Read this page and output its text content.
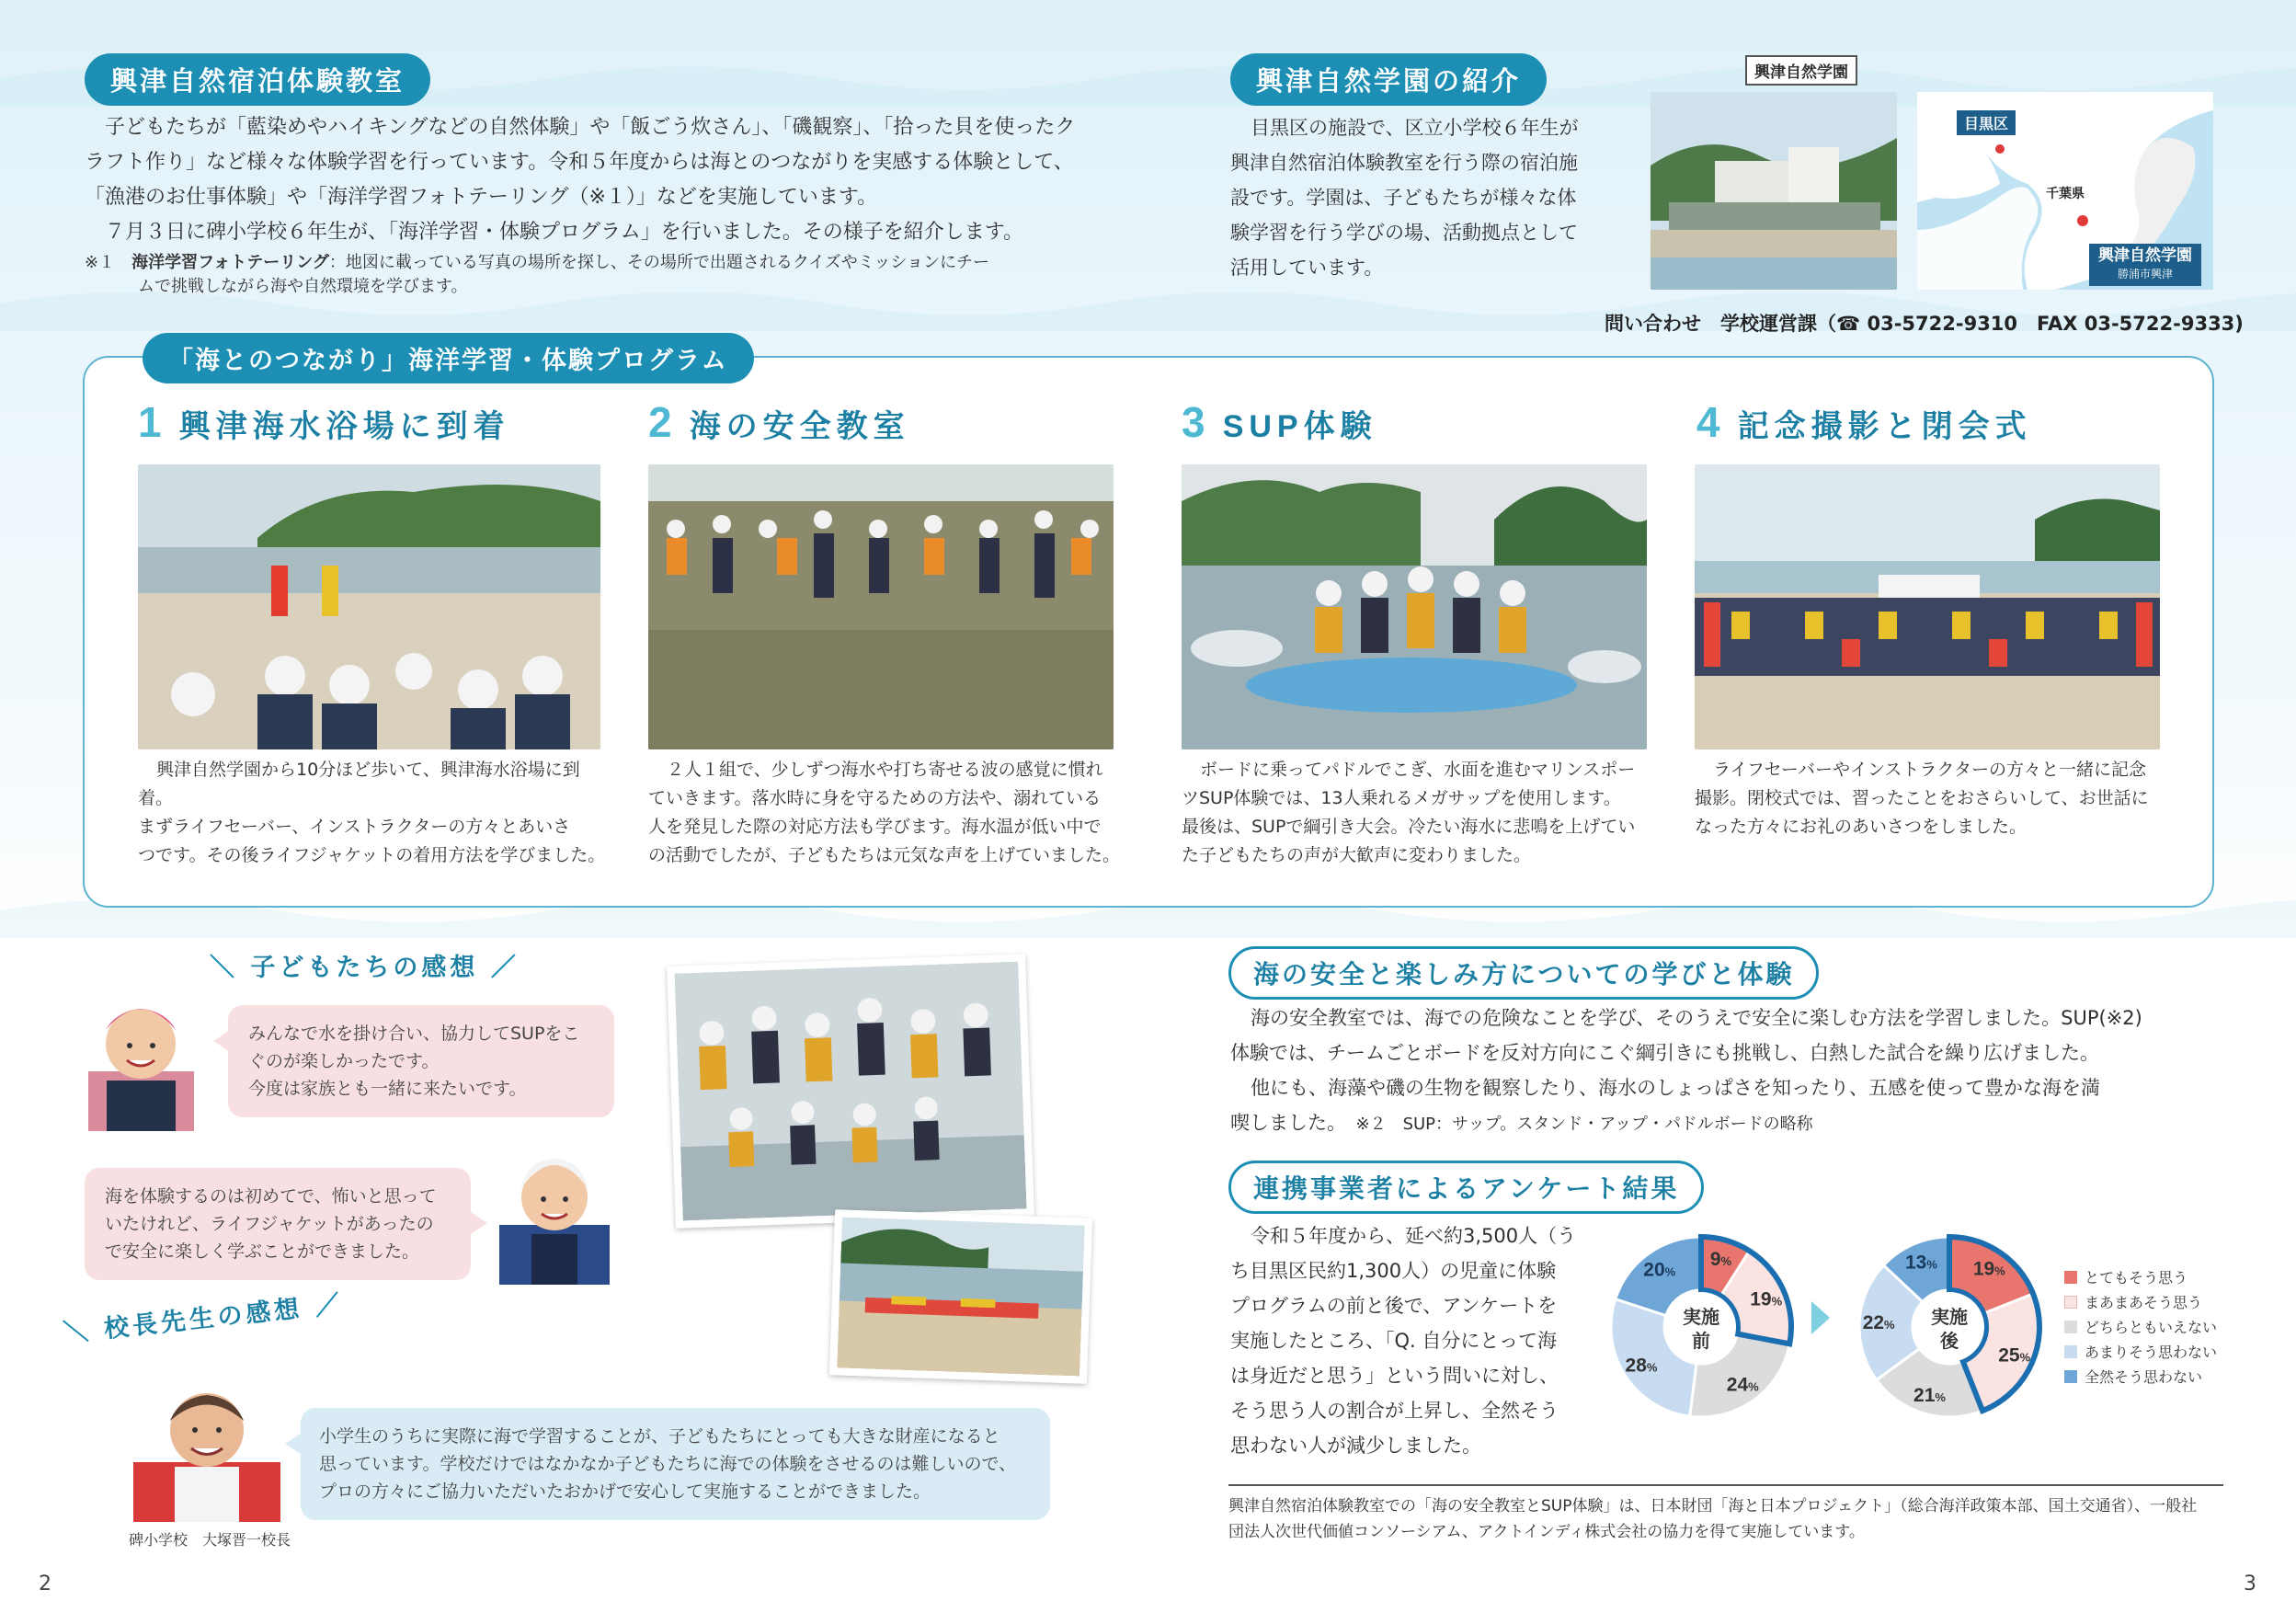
興津自然宿泊体験教室
子どもたちが「藍染めやハイキングなどの自然体験」や「飯ごう炊さん」、「磯観察」、「拾った貝を使ったク
ラフト作り」など様々な体験学習を行っています。令和５年度からは海とのつながりを実感する体験として、
「漁港のお仕事体験」や「海洋学習フォトテーリング（※１）」などを実施しています。
７月３日に碑小学校６年生が、「海洋学習・体験プログラム」を行いました。その様子を紹介します。
※１　 海洋学習フォトテーリング：地図に載っている写真の場所を探し、その場所で出題されるクイズやミッションにチー
ムで挑戦しながら海や自然環境を学びます。
興津自然学園の紹介
目黒区の施設で、区立小学校６年生が
興津自然宿泊体験教室を行う際の宿泊施
設です。学園は、子どもたちが様々な体
験学習を行う学びの場、活動拠点として
活用しています。
興津自然学園
目黒区
千葉県
興津自然学園
勝浦市興津
問い合わせ　学校運営課（☎ 03-5722-9310　 FAX 03-5722-9333)
「海とのつながり」海洋学習・体験プログラム
1 興津海水浴場に到着	2 海の安全教室	3 SUP体験	4 記念撮影と閉会式
興津自然学園から10分ほど歩いて、興津海水浴場に到着。
まずライフセーバー、インストラクターの方々とあいさ
つです。その後ライフジャケットの着用方法を学びました。
２人１組で、少しずつ海水や打ち寄せる波の感覚に慣れ
ていきます。落水時に身を守るための方法や、溺れている
人を発見した際の対応方法も学びます。海水温が低い中で
の活動でしたが、子どもたちは元気な声を上げていました。
ボードに乗ってパドルでこぎ、水面を進むマリンスポー
ツSUP体験では、13人乗れるメガサップを使用します。
最後は、SUPで綱引き大会。冷たい海水に悲鳴を上げてい
た子どもたちの声が大歓声に変わりました。
ライフセーバーやインストラクターの方々と一緒に記念
撮影。閉校式では、習ったことをおさらいして、お世話に
なった方々にお礼のあいさつをしました。
＼ 子どもたちの感想 ／
みんなで水を掛け合い、協力してSUPをこ
ぐのが楽しかったです。
今度は家族とも一緒に来たいです。
海を体験するのは初めてで、怖いと思って
いたけれど、ライフジャケットがあったの
で安全に楽しく学ぶことができました。
＼ 校長先生の感想 ／
小学生のうちに実際に海で学習することが、子どもたちにとっても大きな財産になると
思っています。学校だけではなかなか子どもたちに海での体験をさせるのは難しいので、
プロの方々にご協力いただいたおかげで安心して実施することができました。
碑小学校　大塚晋一校長
海の安全と楽しみ方についての学びと体験
海の安全教室では、海での危険なことを学び、そのうえで安全に楽しむ方法を学習しました。SUP(※2)
体験では、チームごとボードを反対方向にこぐ綱引きにも挑戦し、白熱した試合を繰り広げました。
他にも、海藻や磯の生物を観察したり、海水のしょっぱさを知ったり、五感を使って豊かな海を満
喫しました。　 ※２　SUP：サップ。スタンド・アップ・パドルボードの略称
連携事業者によるアンケート結果
令和５年度から、延べ約3,500人（う
ち目黒区民約1,300人）の児童に体験
プログラムの前と後で、アンケートを
実施したところ、「Q. 自分にとって海
は身近だと思う」という問いに対し、
そう思う人の割合が上昇し、全然そう
思わない人が減少しました。
9%
19%
24%
28%
20%
実施
前
19%
25%
21%
22%
13%
実施
後
とてもそう思う
まあまあそう思う
どちらともいえない
あまりそう思わない
全然そう思わない
興津自然宿泊体験教室での「海の安全教室とSUP体験」は、日本財団「海と日本プロジェクト」（総合海洋政策本部、国土交通省）、一般社
団法人次世代価値コンソーシアム、アクトインディ株式会社の協力を得て実施しています。
2	3
